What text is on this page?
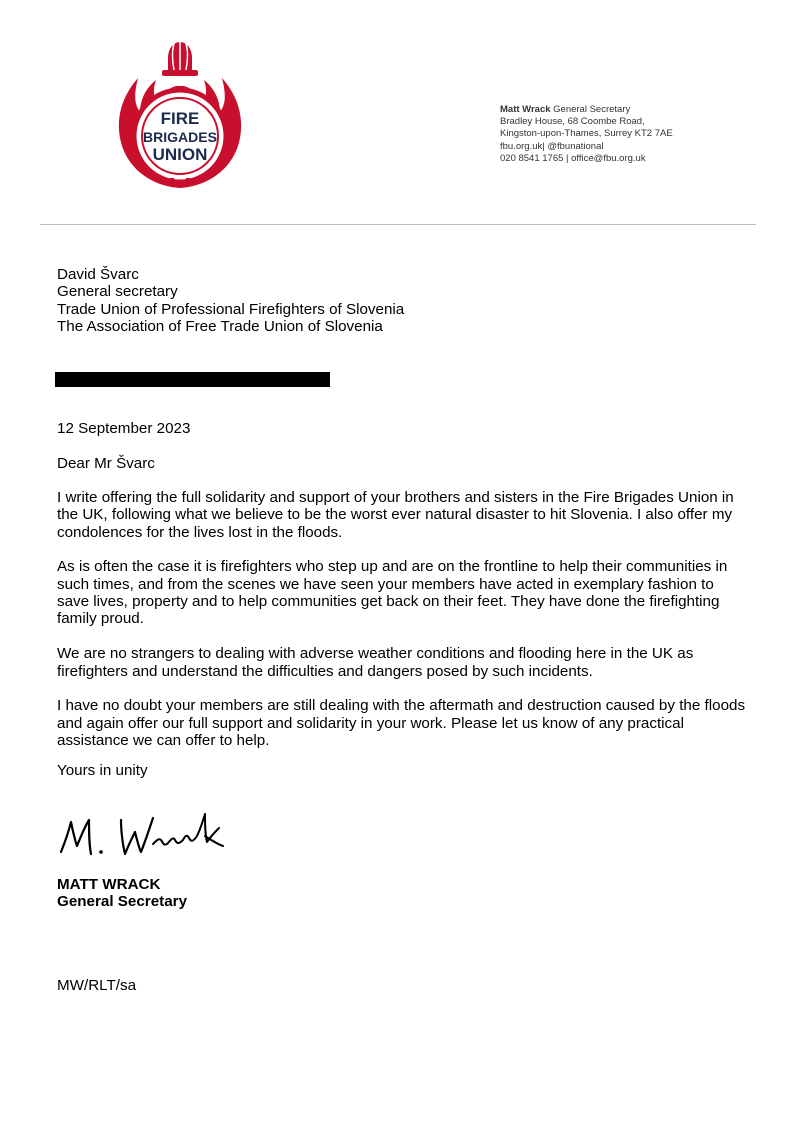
FIRE
BRIGADES
UNION
Matt Wrack General Secretary
Bradley House, 68 Coombe Road,
Kingston-upon-Thames, Surrey KT2 7AE
fbu.org.uk| @fbunational
020 8541 1765 | office@fbu.org.uk
David Švarc
General secretary
Trade Union of Professional Firefighters of Slovenia
The Association of Free Trade Union of Slovenia
12 September 2023
Dear Mr Švarc

I write offering the full solidarity and support of your brothers and sisters in the Fire Brigades Union in the UK, following what we believe to be the worst ever natural disaster to hit Slovenia. I also offer my condolences for the lives lost in the floods.

As is often the case it is firefighters who step up and are on the frontline to help their communities in such times, and from the scenes we have seen your members have acted in exemplary fashion to save lives, property and to help communities get back on their feet. They have done the firefighting family proud.

We are no strangers to dealing with adverse weather conditions and flooding here in the UK as firefighters and understand the difficulties and dangers posed by such incidents.

I have no doubt your members are still dealing with the aftermath and destruction caused by the floods and again offer our full support and solidarity in your work. Please let us know of any practical assistance we can offer to help.

Yours in unity
MATT WRACK
General Secretary
MW/RLT/sa
